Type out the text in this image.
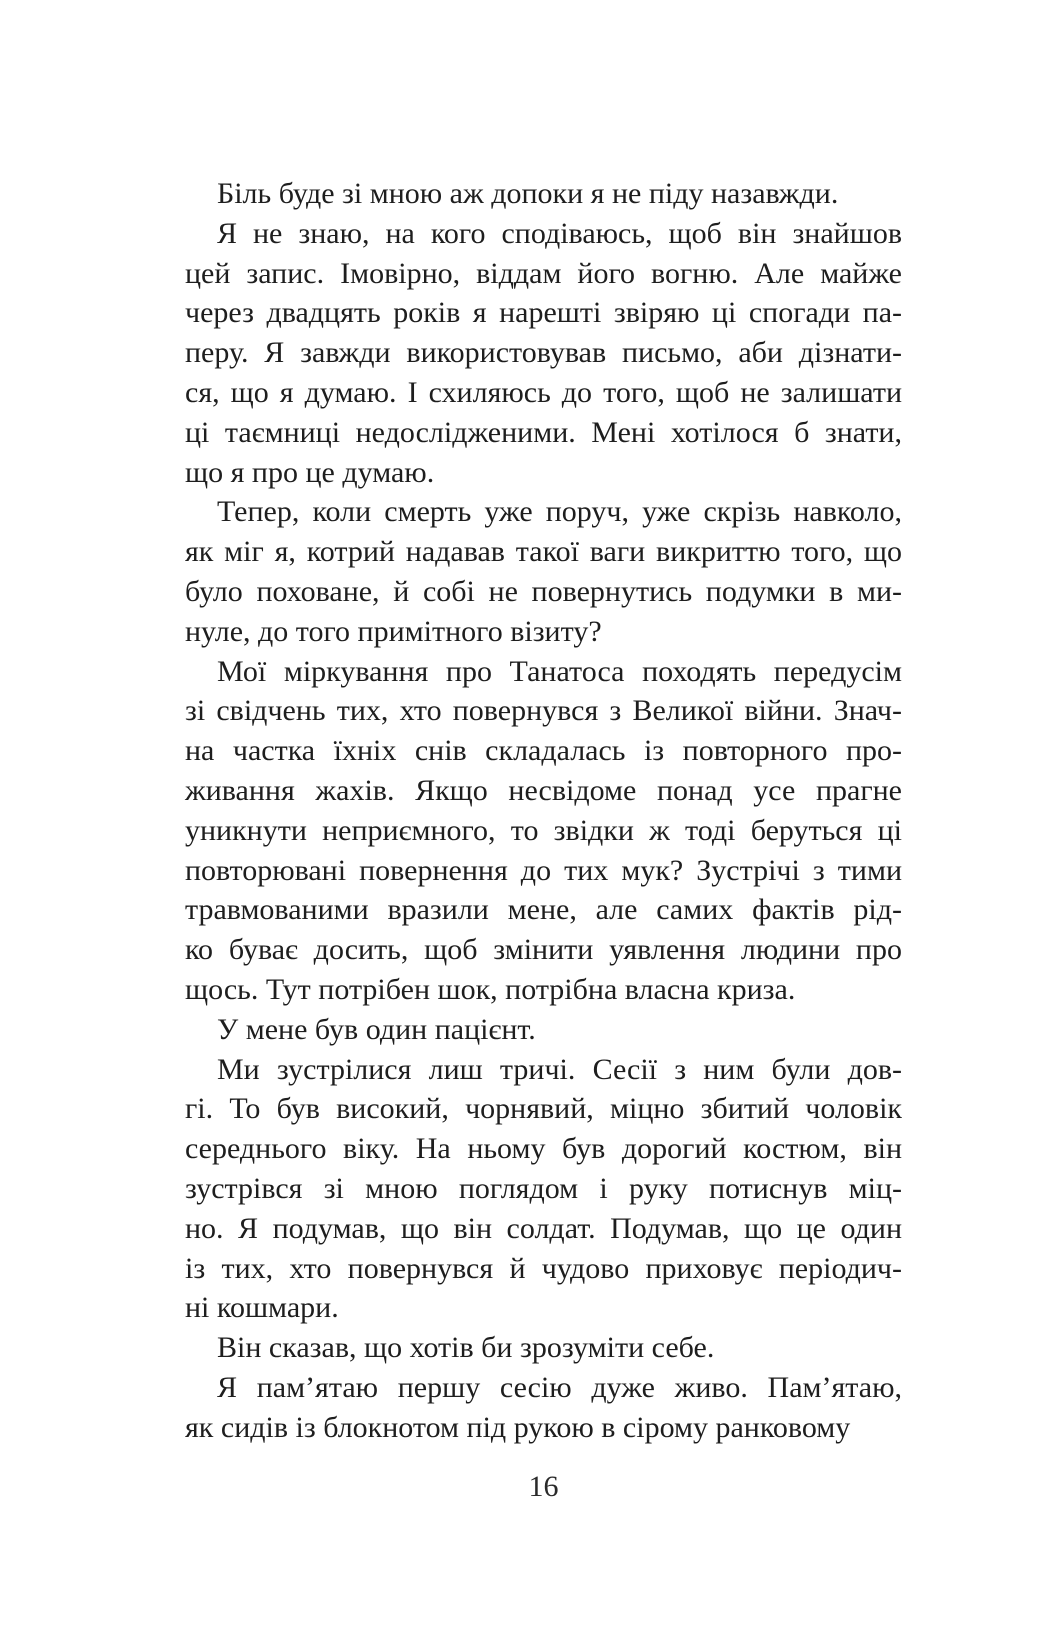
Біль буде зі мною аж допоки я не піду назавжди.
Я не знаю, на кого сподіваюсь, щоб він знайшов
цей запис. Імовірно, віддам його вогню. Але майже
через двадцять років я нарешті звіряю ці спогади па-
перу. Я завжди використовував письмо, аби дізнати-
ся, що я думаю. І схиляюсь до того, щоб не залишати
ці таємниці недослідженими. Мені хотілося б знати,
що я про це думаю.
Тепер, коли смерть уже поруч, уже скрізь навколо,
як міг я, котрий надавав такої ваги викриттю того, що
було поховане, й собі не повернутись подумки в ми-
нуле, до того примітного візиту?
Мої міркування про Танатоса походять передусім
зі свідчень тих, хто повернувся з Великої війни. Знач-
на частка їхніх снів складалась із повторного про-
живання жахів. Якщо несвідоме понад усе прагне
уникнути неприємного, то звідки ж тоді беруться ці
повторювані повернення до тих мук? Зустрічі з тими
травмованими вразили мене, але самих фактів рід-
ко буває досить, щоб змінити уявлення людини про
щось. Тут потрібен шок, потрібна власна криза.
У мене був один пацієнт.
Ми зустрілися лиш тричі. Сесії з ним були дов-
гі. То був високий, чорнявий, міцно збитий чоловік
середнього віку. На ньому був дорогий костюм, він
зустрівся зі мною поглядом і руку потиснув міц-
но. Я подумав, що він солдат. Подумав, що це один
із тих, хто повернувся й чудово приховує періодич-
ні кошмари.
Він сказав, що хотів би зрозуміти себе.
Я пам’ятаю першу сесію дуже живо. Пам’ятаю,
як сидів із блокнотом під рукою в сірому ранковому
16
